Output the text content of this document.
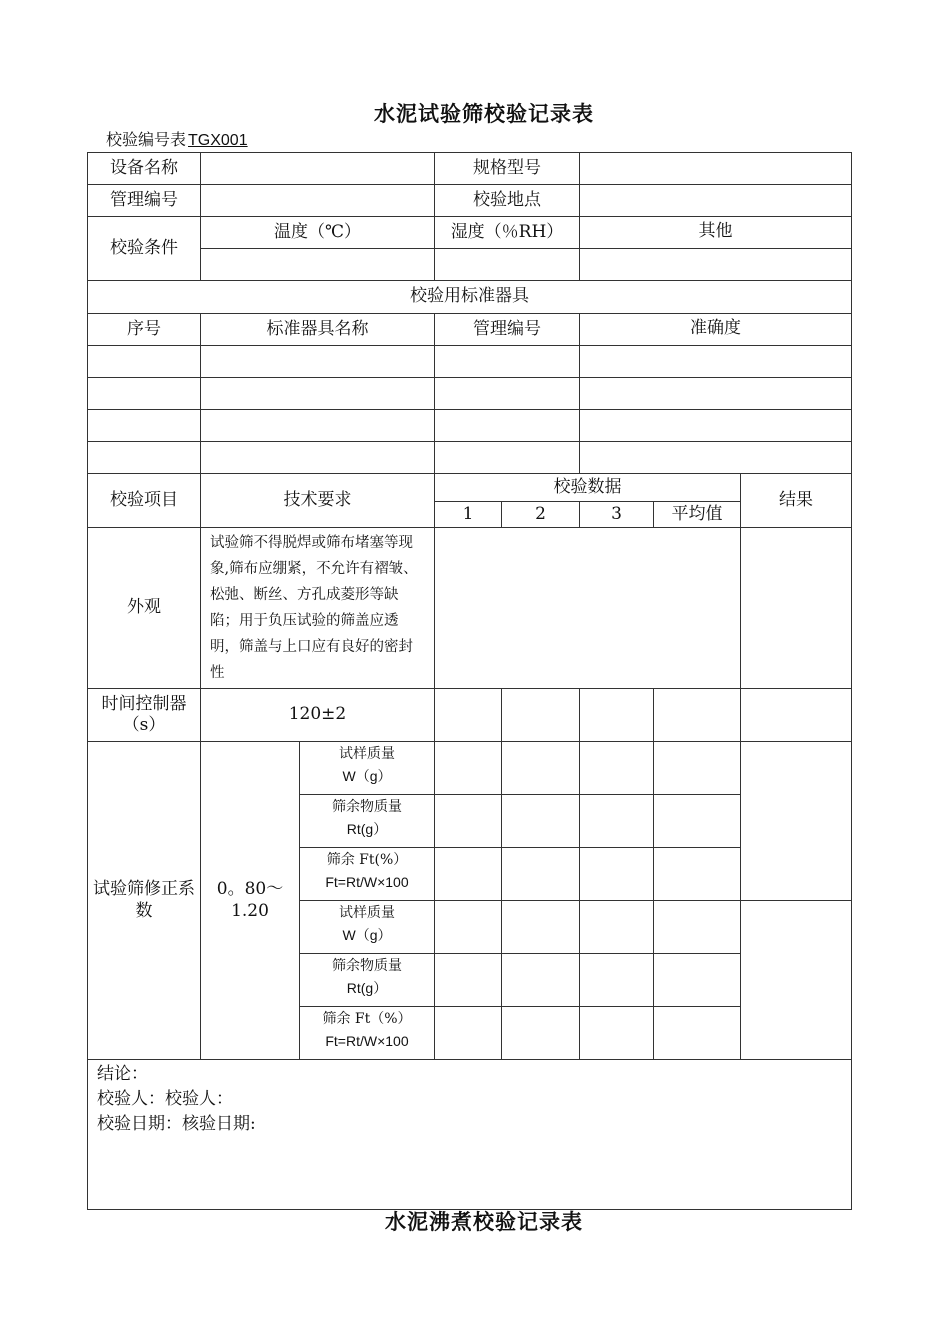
水泥试验筛校验记录表
校验编号表 TGX001
设备名称			规格型号				
管理编号			校验地点				
校验条件	温度（℃）		湿度（％RH）		其他		

校验用标准器具							
序号	标准器具名称		管理编号		准确度		

校验项目	技术要求		校验数据				结果
			1	2	3	平均值	
外观	试验筛不得脱焊或筛布堵塞等现象,筛布应绷紧，不允许有褶皱、松弛、断丝、方孔成菱形等缺陷；用于负压试验的筛盖应透明，筛盖与上口应有良好的密封性						
时间控制器（s）	120±2						
试验筛修正系数	0。80～1.20	试样质量
W（g）					
		筛余物质量
Rt(g）					
		筛余 Ft(%）
Ft=Rt/W×100					
		试样质量
W（g）					
		筛余物质量
Rt(g）					
		筛余 Ft（%）
Ft=Rt/W×100					

结论：
校验人：校验人：
校验日期：核验日期:							
水泥沸煮校验记录表
